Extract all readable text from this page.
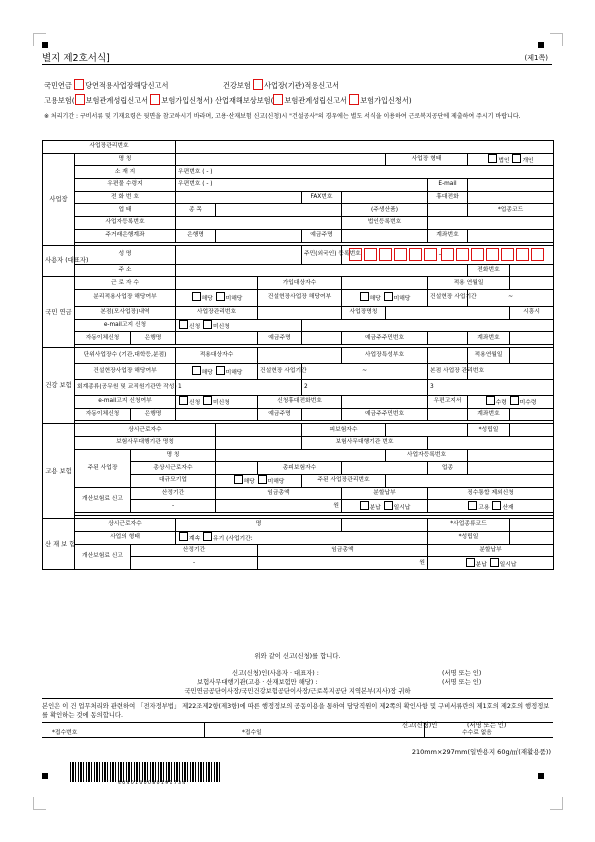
별지 제2호서식]	(제1쪽)
국민연금 당연적용사업장해당신고서	건강보험 사업장(기관)적용신고서
고용보험( 보험관계성립신고서 보험가입신청서) 산업재해보상보험( 보험관계성립신고서 보험가입신청서)
※ 처리기간 : 구비서류 및 기재요령은 뒷면을 참고하시기 바라며, 고용·산재보험 신고(신청)시 "건설공사"의 경우에는 별도 서식을 이용하여 근로복지공단에 제출하여 주시기 바랍니다.
사업장관리번호											
사업장	명 칭							사업장 형태		법인 개인	
	소 재 지		우편번호 ( - )								
	우편물 수령지		우편번호 ( - )						E-mail		
	전 화 번 호					FAX번호			휴대전화		
	업 태		종 목				(주생산품)			*업종코드	
	사업자등록번호						법인등록번호				
	주거래은행계좌		은행명			예금주명			계좌번호		

사용자 (대표자)	성 명					주민(외국인) 등록번호	–				
	주 소									전화번호	
국민 연금	근 로 자 수				가입대상자수				적용 연월일		
	분리적용사업장 해당여부		해당 미해당		건설현장사업장 해당여부		해당 미해당		건설현장 사업기간	~	
	본점(모사업장)내역		사업장관리번호				사업장명칭				시흥시
	e-mail고지 신청		신청 미신청								
	자동이체신청	은행명			예금주명		예금주주민번호			계좌번호	

건강 보험	단위사업장수 (기관,대학등,분점)		적용대상자수				사업장특성부호			적용연월일	
	건설현장사업장 해당여부		해당 미해당		건설현장 사업기간	~			본점 사업장 관리번호		
	회계종류(공무원 및 교직원기관만 작성)		1			2			3		
	e-mail고지 신청여부		신청 미신청		신청휴대전화번호				우편고지서	수령 미수령	
	자동이체신청	은행명			예금주명		예금주주민번호			계좌번호	

고용 보험	상시근로자수					피보험자수				*성립일	
	보험사무대행기관 명칭					보험사무대행기관 번호					
	주된 사업장	명 칭						사업자등록번호			
		총상시근로자수			총피보험자수				업종		
		대규모기업		해당 미해당		주된 사업장관리번호					
	개산보험료 신고	산정기간		임금총액			분할납부		징수통합 제외신청		
		-		원			분납 일시납		고용 산재		

산 재 보 험	상시근로자수		명						*사업종류코드		
	사업의 형태		계속 유기 (사업기간:						*성립일		
	개산보험료 신고	산정기간			임금총액				분할납부		
		-			원				분납 일시납		
위와 같이 신고(신청)를 합니다.
신고(신청)인(사용자 · 대표자) :	(서명 또는 인)
보험사무대행기관(고용 · 산재보험만 해당) :	(서명 또는 인)
국민연금공단이사장/국민건강보험공단이사장/근로복지공단 지역본부(지사)장 귀하
본인은 이 건 업무처리와 관련하여 「전자정부법」 제22조제2항(제3항)에 따른 행정정보의 공동이용을 통하여 담당직원이 제2쪽의 확인사항 및 구비서류란의 제1호의 제2호의 행정정보를 확인하는 것에 동의합니다.
신고(신청)인	(서명 또는 인)
*접수번호	*접수일	수수료 없음
210mm×297mm(일반용지 60g/㎡(재활용품))
4 0 4 0 1 0 0 0 8 0 1 9 1 7 3 4
